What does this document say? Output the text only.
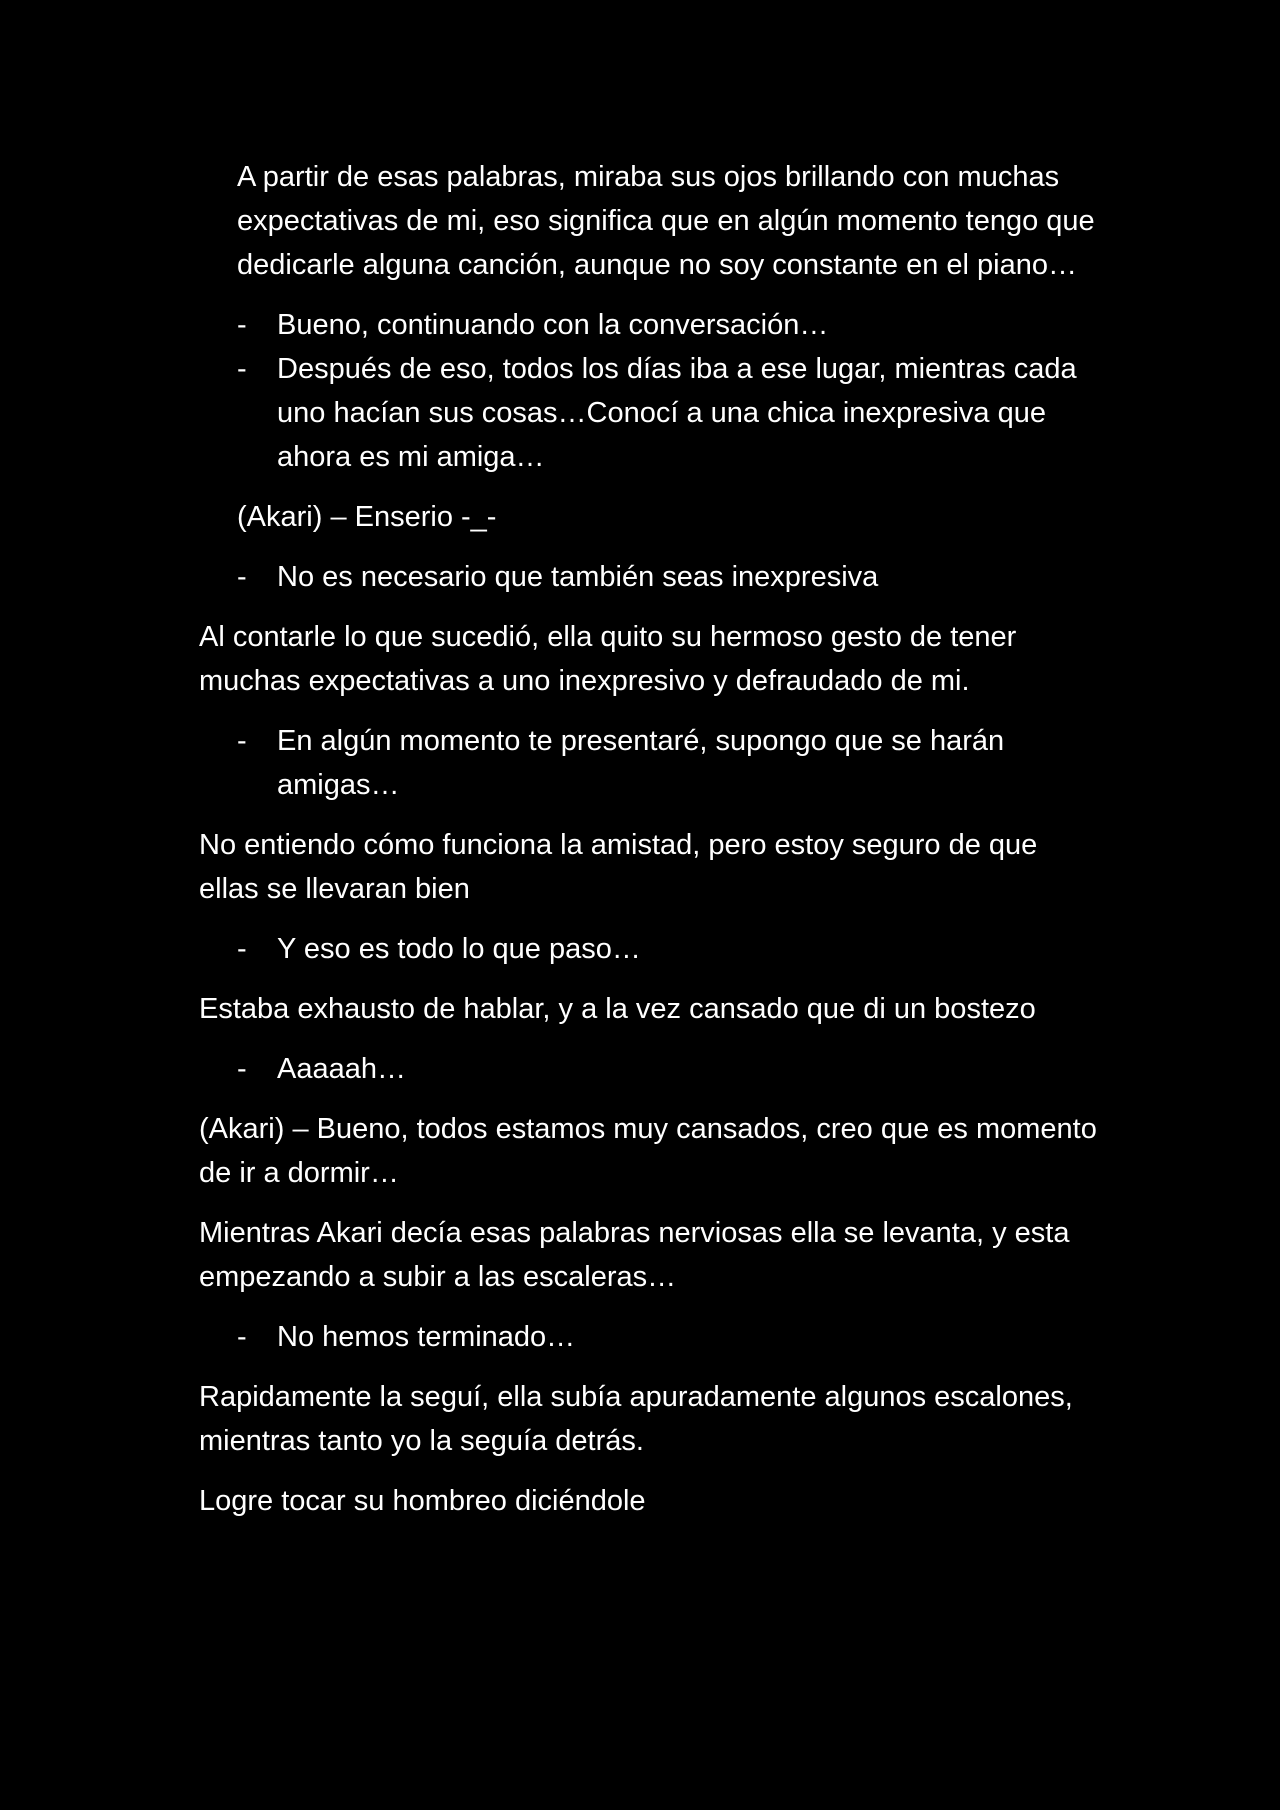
A partir de esas palabras, miraba sus ojos brillando con muchas expectativas de mi, eso significa que en algún momento tengo que dedicarle alguna canción, aunque no soy constante en el piano…

-	Bueno, continuando con la conversación…
-	Después de eso, todos los días iba a ese lugar, mientras cada uno hacían sus cosas…Conocí a una chica inexpresiva que ahora es mi amiga…

(Akari) – Enserio -_-

-	No es necesario que también seas inexpresiva

Al contarle lo que sucedió, ella quito su hermoso gesto de tener muchas expectativas a uno inexpresivo y defraudado de mi.

-	En algún momento te presentaré, supongo que se harán amigas…

No entiendo cómo funciona la amistad, pero estoy seguro de que ellas se llevaran bien

-	Y eso es todo lo que paso…

Estaba exhausto de hablar, y a la vez cansado que di un bostezo

-	Aaaaah…

(Akari) – Bueno, todos estamos muy cansados, creo que es momento de ir a dormir…

Mientras Akari decía esas palabras nerviosas ella se levanta, y esta empezando a subir a las escaleras…

-	No hemos terminado…

Rapidamente la seguí, ella subía apuradamente algunos escalones, mientras tanto yo la seguía detrás.

Logre tocar su hombreo diciéndole
